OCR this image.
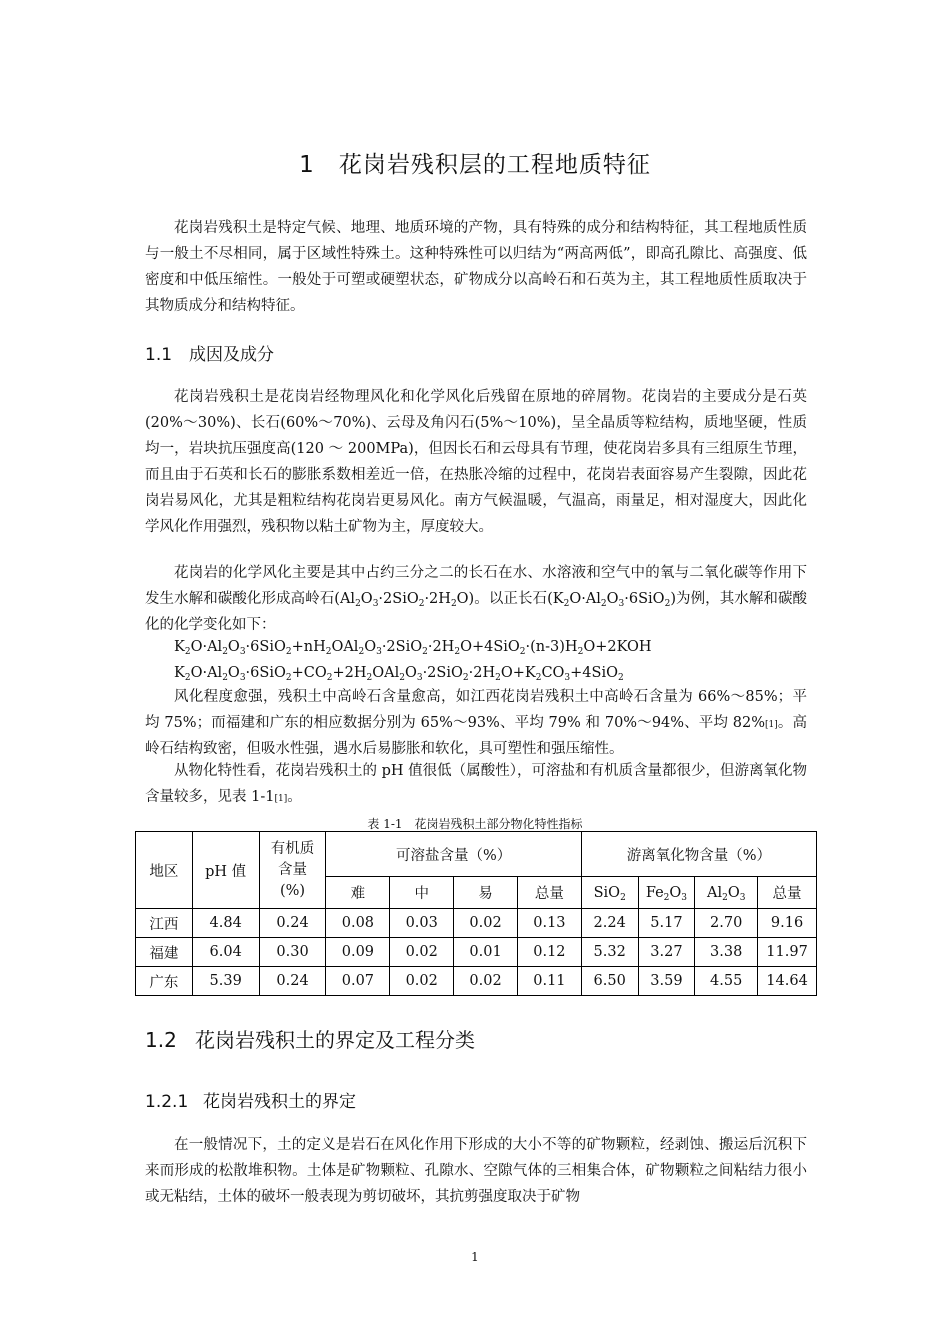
1 花岗岩残积层的工程地质特征

花岗岩残积土是特定气候、地理、地质环境的产物，具有特殊的成分和结构特征，其工程地质性质与一般土不尽相同，属于区域性特殊土。这种特殊性可以归结为“两高两低”，即高孔隙比、高强度、低密度和中低压缩性。一般处于可塑或硬塑状态，矿物成分以高岭石和石英为主，其工程地质性质取决于其物质成分和结构特征。

1.1 成因及成分

花岗岩残积土是花岗岩经物理风化和化学风化后残留在原地的碎屑物。花岗岩的主要成分是石英(20%～30%)、长石(60%～70%)、云母及角闪石(5%～10%)，呈全晶质等粒结构，质地坚硬，性质均一，岩块抗压强度高(120 ～ 200MPa)，但因长石和云母具有节理，使花岗岩多具有三组原生节理，而且由于石英和长石的膨胀系数相差近一倍，在热胀冷缩的过程中，花岗岩表面容易产生裂隙，因此花岗岩易风化，尤其是粗粒结构花岗岩更易风化。南方气候温暖，气温高，雨量足，相对湿度大，因此化学风化作用强烈，残积物以粘土矿物为主，厚度较大。

花岗岩的化学风化主要是其中占约三分之二的长石在水、水溶液和空气中的氧与二氧化碳等作用下发生水解和碳酸化形成高岭石$(Al_2O_3\cdot 2SiO_2\cdot 2H_2O)$。以正长石$(K_2O\cdot Al_2O_3\cdot 6SiO_2)$为例，其水解和碳酸化的化学变化如下：

$K_2O\cdot Al_2O_3\cdot 6SiO_2+nH_2OAl_2O_3\cdot 2SiO_2\cdot 2H_2O+4SiO_2\cdot(n-3)H_2O+2KOH$

$K_2O\cdot Al_2O_3\cdot 6SiO_2+CO_2+2H_2OAl_2O_3\cdot 2SiO_2\cdot 2H_2O+K_2CO_3+4SiO_2$

风化程度愈强，残积土中高岭石含量愈高，如江西花岗岩残积土中高岭石含量为 66%～85%；平均 75%；而福建和广东的相应数据分别为 65%～93%、平均 79% 和 70%～94%、平均 82%[1]。高岭石结构致密，但吸水性强，遇水后易膨胀和软化，具可塑性和强压缩性。

从物化特性看，花岗岩残积土的 pH 值很低（属酸性），可溶盐和有机质含量都很少，但游离氧化物含量较多，见表 1-1[1]。

表 1-1　花岗岩残积土部分物化特性指标
地区	pH 值	有机质含量(%)	可溶盐含量（%）				游离氧化物含量（%）			
			难	中	易	总量	SiO$_2$	$Fe_2O_3$	$Al_2O_3$	总量
江西	4.84	0.24	0.08	0.03	0.02	0.13	2.24	5.17	2.70	9.16
福建	6.04	0.30	0.09	0.02	0.01	0.12	5.32	3.27	3.38	11.97
广东	5.39	0.24	0.07	0.02	0.02	0.11	6.50	3.59	4.55	14.64
1.2 花岗岩残积土的界定及工程分类
1.2.1 花岗岩残积土的界定

在一般情况下，土的定义是岩石在风化作用下形成的大小不等的矿物颗粒，经剥蚀、搬运后沉积下来而形成的松散堆积物。土体是矿物颗粒、孔隙水、空隙气体的三相集合体，矿物颗粒之间粘结力很小或无粘结，土体的破坏一般表现为剪切破坏，其抗剪强度取决于矿物

1
